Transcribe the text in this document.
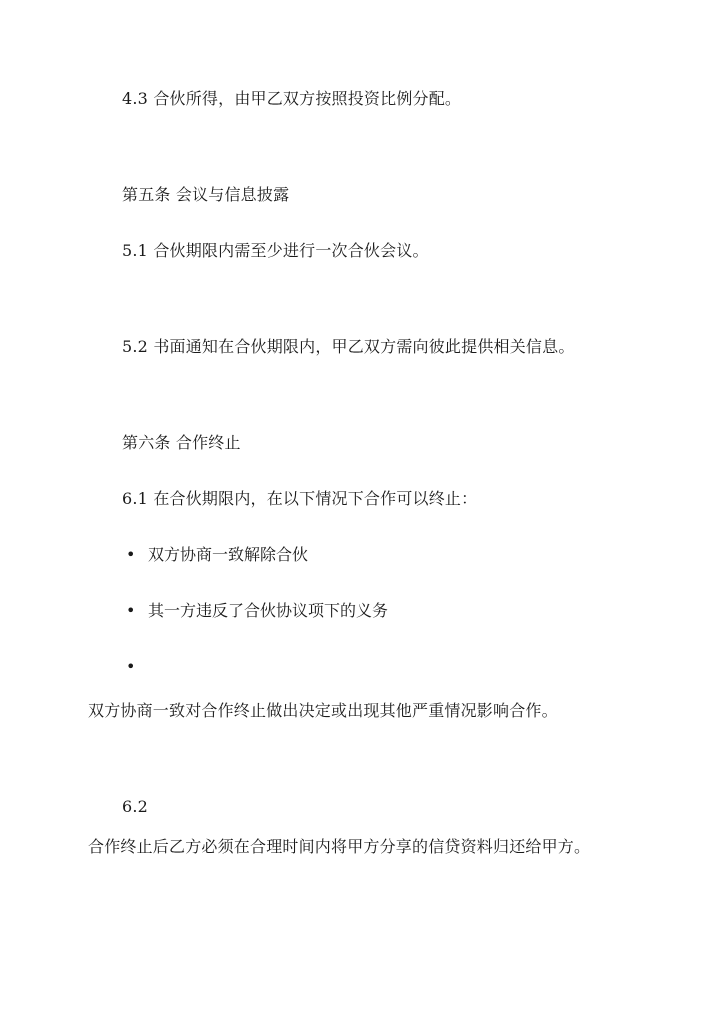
4.3 合伙所得，由甲乙双方按照投资比例分配。
第五条 会议与信息披露
5.1 合伙期限内需至少进行一次合伙会议。
5.2 书面通知在合伙期限内，甲乙双方需向彼此提供相关信息。
第六条 合作终止
6.1 在合伙期限内，在以下情况下合作可以终止：
• 双方协商一致解除合伙
• 其一方违反了合伙协议项下的义务
•
双方协商一致对合作终止做出决定或出现其他严重情况影响合作。
6.2
合作终止后乙方必须在合理时间内将甲方分享的信贷资料归还给甲方。
